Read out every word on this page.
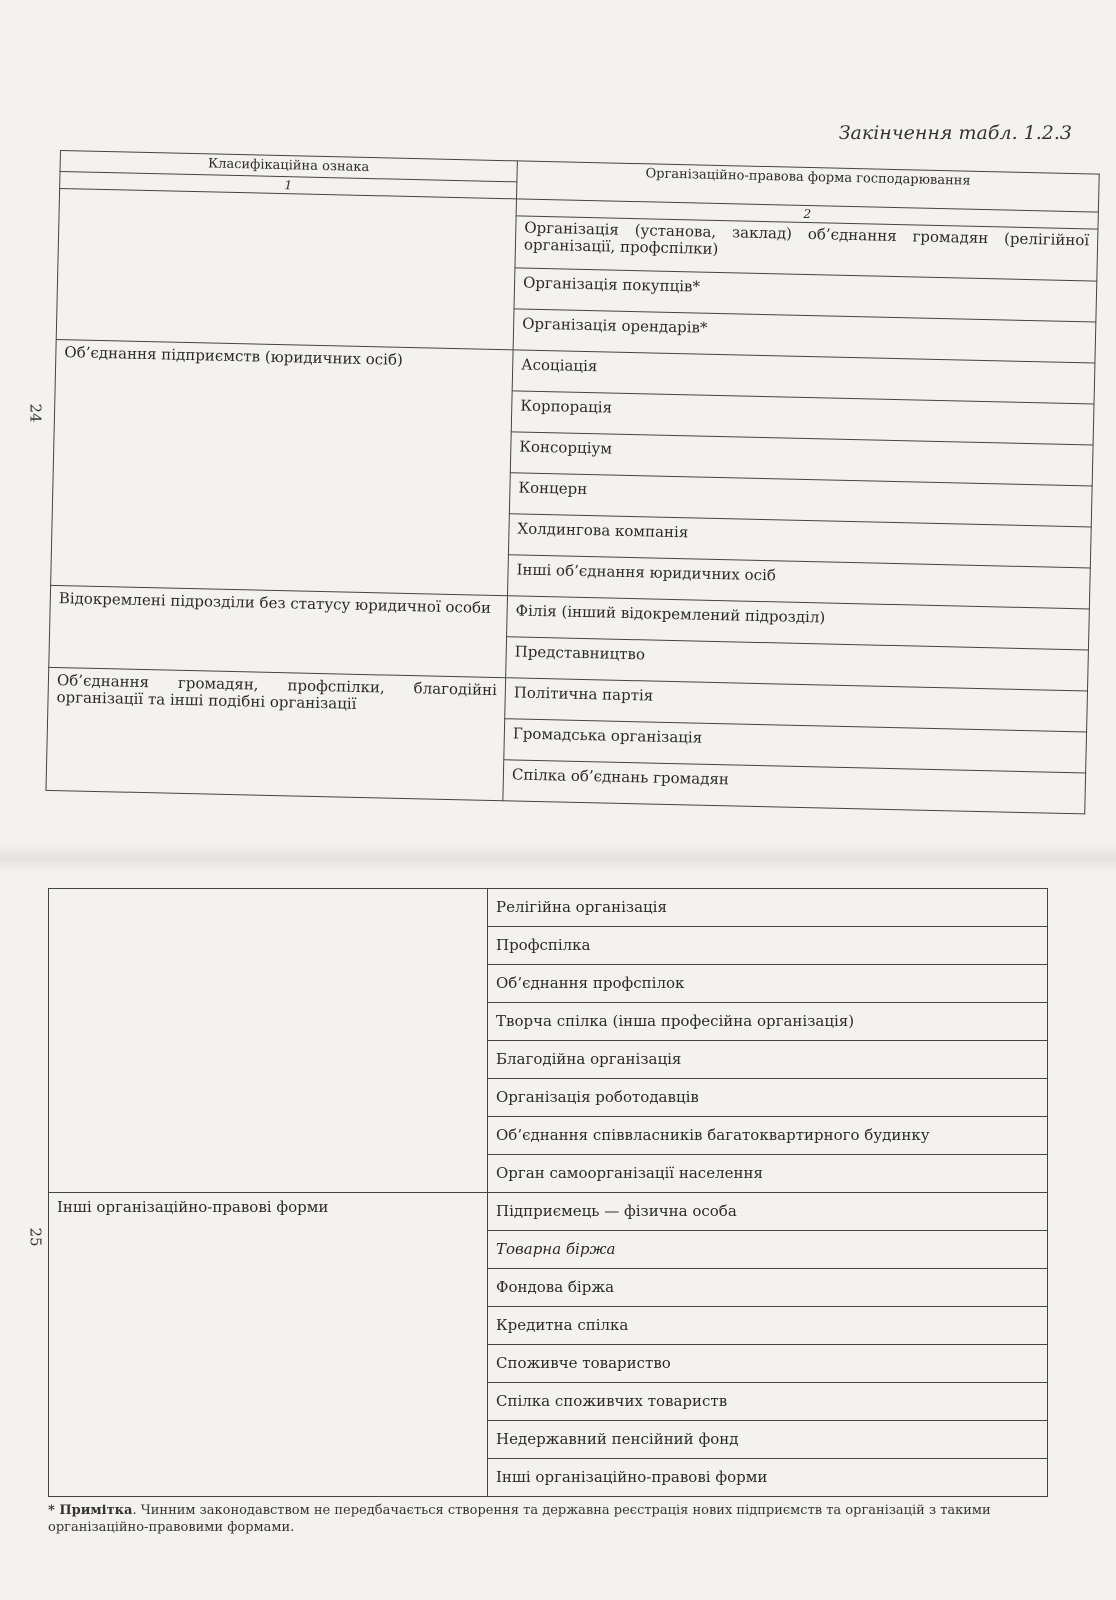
24
25
Закінчення табл. 1.2.3
Класифікаційна ознака	Організаційно-правова форма господарювання
1	
	2
	Організація (установа, заклад) об’єднання громадян (релігійної організації, профспілки)
	Організація покупців*
	Організація орендарів*
Об’єднання підприємств (юридичних осіб)	Асоціація
	Корпорація
	Консорціум
	Концерн
	Холдингова компанія
	Інші об’єднання юридичних осіб
Відокремлені підрозділи без статусу юридичної особи	Філія (інший відокремлений підрозділ)
	Представництво
Об’єднання громадян, профспілки, благодійні організації та інші подібні організації	Політична партія
	Громадська організація
	Спілка об’єднань громадян
	Релігійна організація
	Профспілка
	Об’єднання профспілок
	Творча спілка (інша професійна організація)
	Благодійна організація
	Організація роботодавців
	Об’єднання співвласників багатоквартирного будинку
	Орган самоорганізації населення
Інші організаційно-правові форми	Підприємець — фізична особа
	Товарна біржа
	Фондова біржа
	Кредитна спілка
	Споживче товариство
	Спілка споживчих товариств
	Недержавний пенсійний фонд
	Інші організаційно-правові форми
* Примітка. Чинним законодавством не передбачається створення та державна реєстрація нових підприємств та організацій з такими організаційно-правовими формами.
